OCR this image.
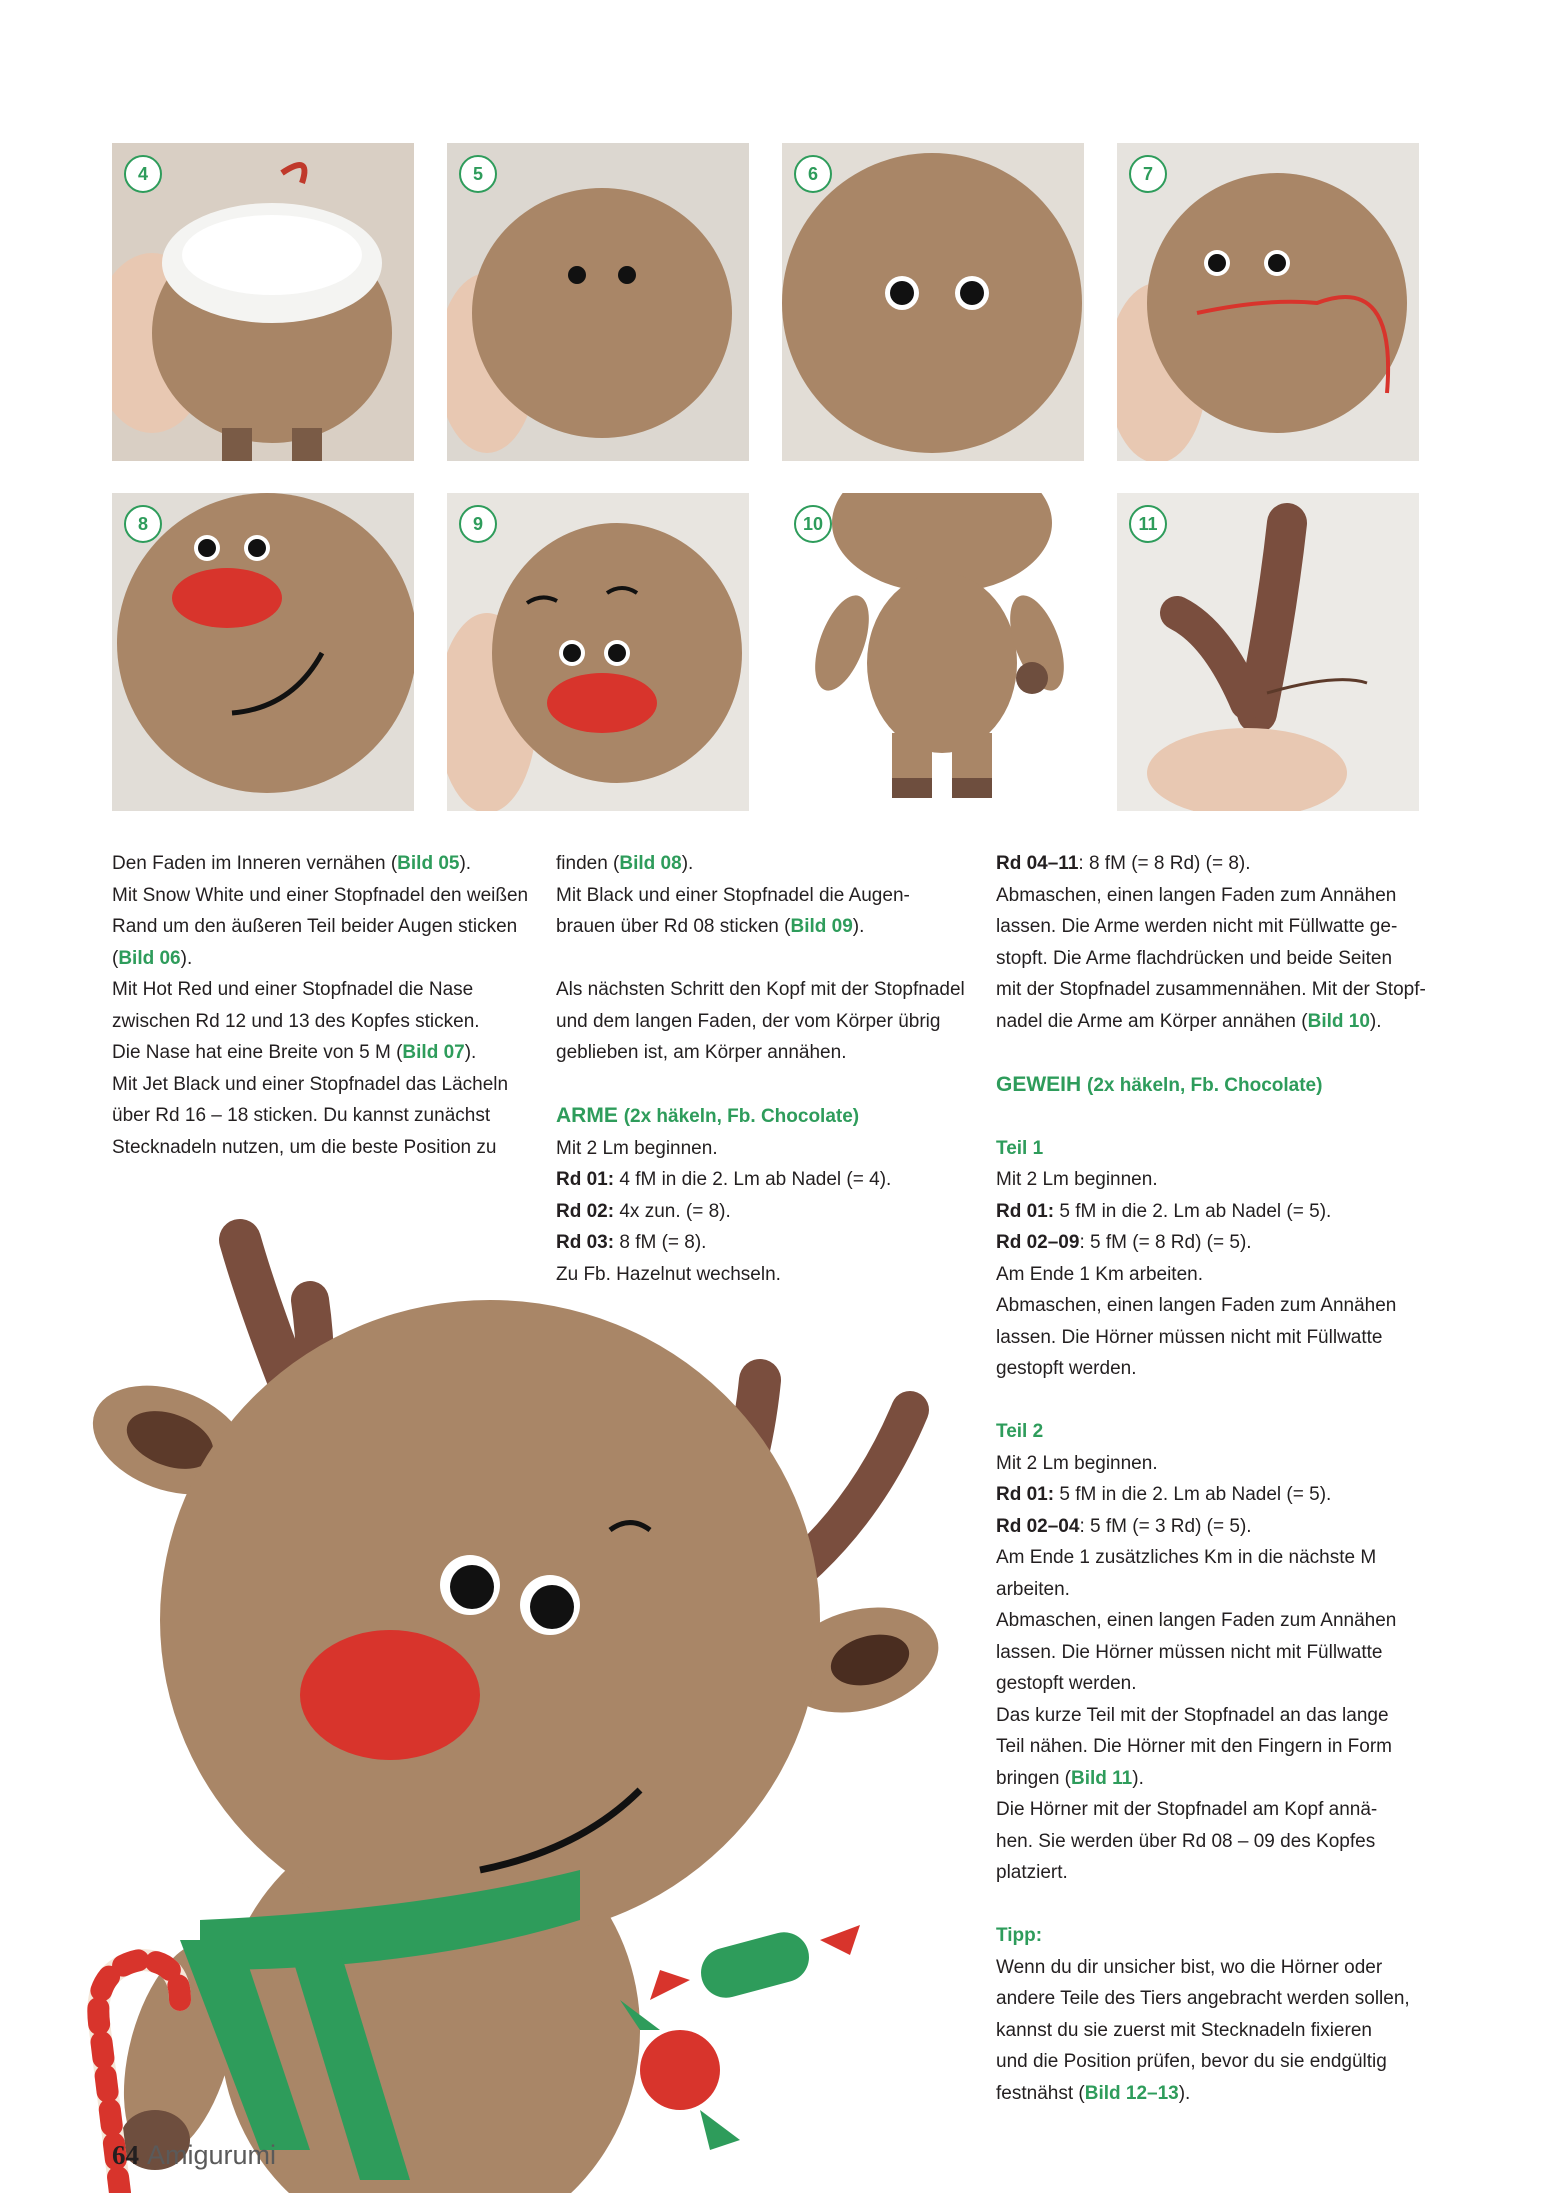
4	5	6	7
8	9	10	11

Den Faden im Inneren vernähen (Bild 05).

Mit Snow White und einer Stopfnadel den weißen

Rand um den äußeren Teil beider Augen sticken

(Bild 06).

Mit Hot Red und einer Stopfnadel die Nase

zwischen Rd 12 und 13 des Kopfes sticken.

Die Nase hat eine Breite von 5 M (Bild 07).

Mit Jet Black und einer Stopfnadel das Lächeln

über Rd 16 – 18 sticken. Du kannst zunächst

Stecknadeln nutzen, um die beste Position zu

finden (Bild 08).

Mit Black und einer Stopfnadel die Augen-

brauen über Rd 08 sticken (Bild 09).

Als nächsten Schritt den Kopf mit der Stopfnadel

und dem langen Faden, der vom Körper übrig

geblieben ist, am Körper annähen.

ARME (2x häkeln, Fb. Chocolate)

Mit 2 Lm beginnen.

Rd 01: 4 fM in die 2. Lm ab Nadel (= 4).

Rd 02: 4x zun. (= 8).

Rd 03: 8 fM (= 8).

Zu Fb. Hazelnut wechseln.

Rd 04–11: 8 fM (= 8 Rd) (= 8).

Abmaschen, einen langen Faden zum Annähen

lassen. Die Arme werden nicht mit Füllwatte ge-

stopft. Die Arme flachdrücken und beide Seiten

mit der Stopfnadel zusammennähen. Mit der Stopf-

nadel die Arme am Körper annähen (Bild 10).

GEWEIH (2x häkeln, Fb. Chocolate)

Teil 1

Mit 2 Lm beginnen.

Rd 01: 5 fM in die 2. Lm ab Nadel (= 5).

Rd 02–09: 5 fM (= 8 Rd) (= 5).

Am Ende 1 Km arbeiten.

Abmaschen, einen langen Faden zum Annähen

lassen. Die Hörner müssen nicht mit Füllwatte

gestopft werden.

Teil 2

Mit 2 Lm beginnen.

Rd 01: 5 fM in die 2. Lm ab Nadel (= 5).

Rd 02–04: 5 fM (= 3 Rd) (= 5).

Am Ende 1 zusätzliches Km in die nächste M

arbeiten.

Abmaschen, einen langen Faden zum Annähen

lassen. Die Hörner müssen nicht mit Füllwatte

gestopft werden.

Das kurze Teil mit der Stopfnadel an das lange

Teil nähen. Die Hörner mit den Fingern in Form

bringen (Bild 11).

Die Hörner mit der Stopfnadel am Kopf annä-

hen. Sie werden über Rd 08 – 09 des Kopfes

platziert.

Tipp:

Wenn du dir unsicher bist, wo die Hörner oder

andere Teile des Tiers angebracht werden sollen,

kannst du sie zuerst mit Stecknadeln fixieren

und die Position prüfen, bevor du sie endgültig

festnähst (Bild 12–13).

64 Amigurumi
